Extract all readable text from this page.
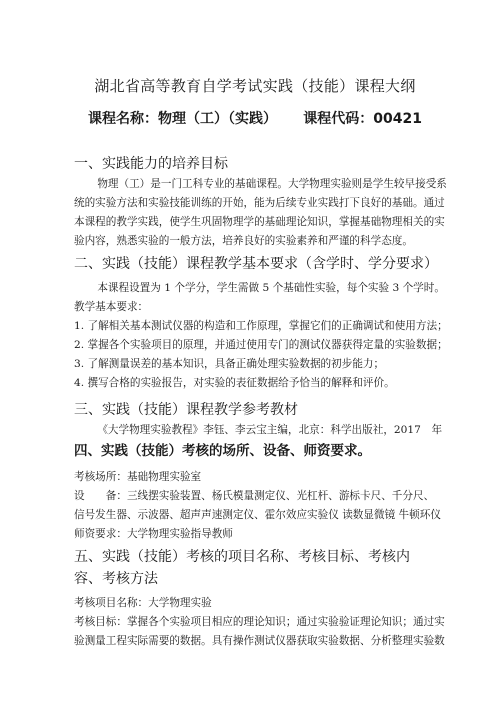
湖北省高等教育自学考试实践（技能）课程大纲
课程名称：物理（工）（实践） 课程代码：00421
一、实践能力的培养目标

物理（工）是一门工科专业的基础课程。大学物理实验则是学生较早接受系

统的实验方法和实验技能训练的开始，能为后续专业实践打下良好的基础。通过

本课程的教学实践，使学生巩固物理学的基础理论知识，掌握基础物理相关的实

验内容，熟悉实验的一般方法，培养良好的实验素养和严谨的科学态度。

二、实践（技能）课程教学基本要求（含学时、学分要求）

本课程设置为 1 个学分，学生需做 5 个基础性实验，每个实验 3 个学时。

教学基本要求：

1. 了解相关基本测试仪器的构造和工作原理，掌握它们的正确调试和使用方法；

2. 掌握各个实验项目的原理，并通过使用专门的测试仪器获得定量的实验数据；

3. 了解测量误差的基本知识，具备正确处理实验数据的初步能力；

4. 撰写合格的实验报告，对实验的表征数据给予恰当的解释和评价。

三、实践（技能）课程教学参考教材

《大学物理实验教程》李钰、李云宝主编，北京：科学出版社，2017　年

四、实践（技能）考核的场所、设备、师资要求。

考核场所：基础物理实验室

设　　备：三线摆实验装置、杨氏模量测定仪、光杠杆、游标卡尺、千分尺、

信号发生器、示波器、超声声速测定仪、霍尔效应实验仪 读数显微镜 牛顿环仪

师资要求：大学物理实验指导教师

五、实践（技能）考核的项目名称、考核目标、考核内容、考核方法

考核项目名称：大学物理实验

考核目标：掌握各个实验项目相应的理论知识；通过实验验证理论知识；通过实

验测量工程实际需要的数据。具有操作测试仪器获取实验数据、分析整理实验数
